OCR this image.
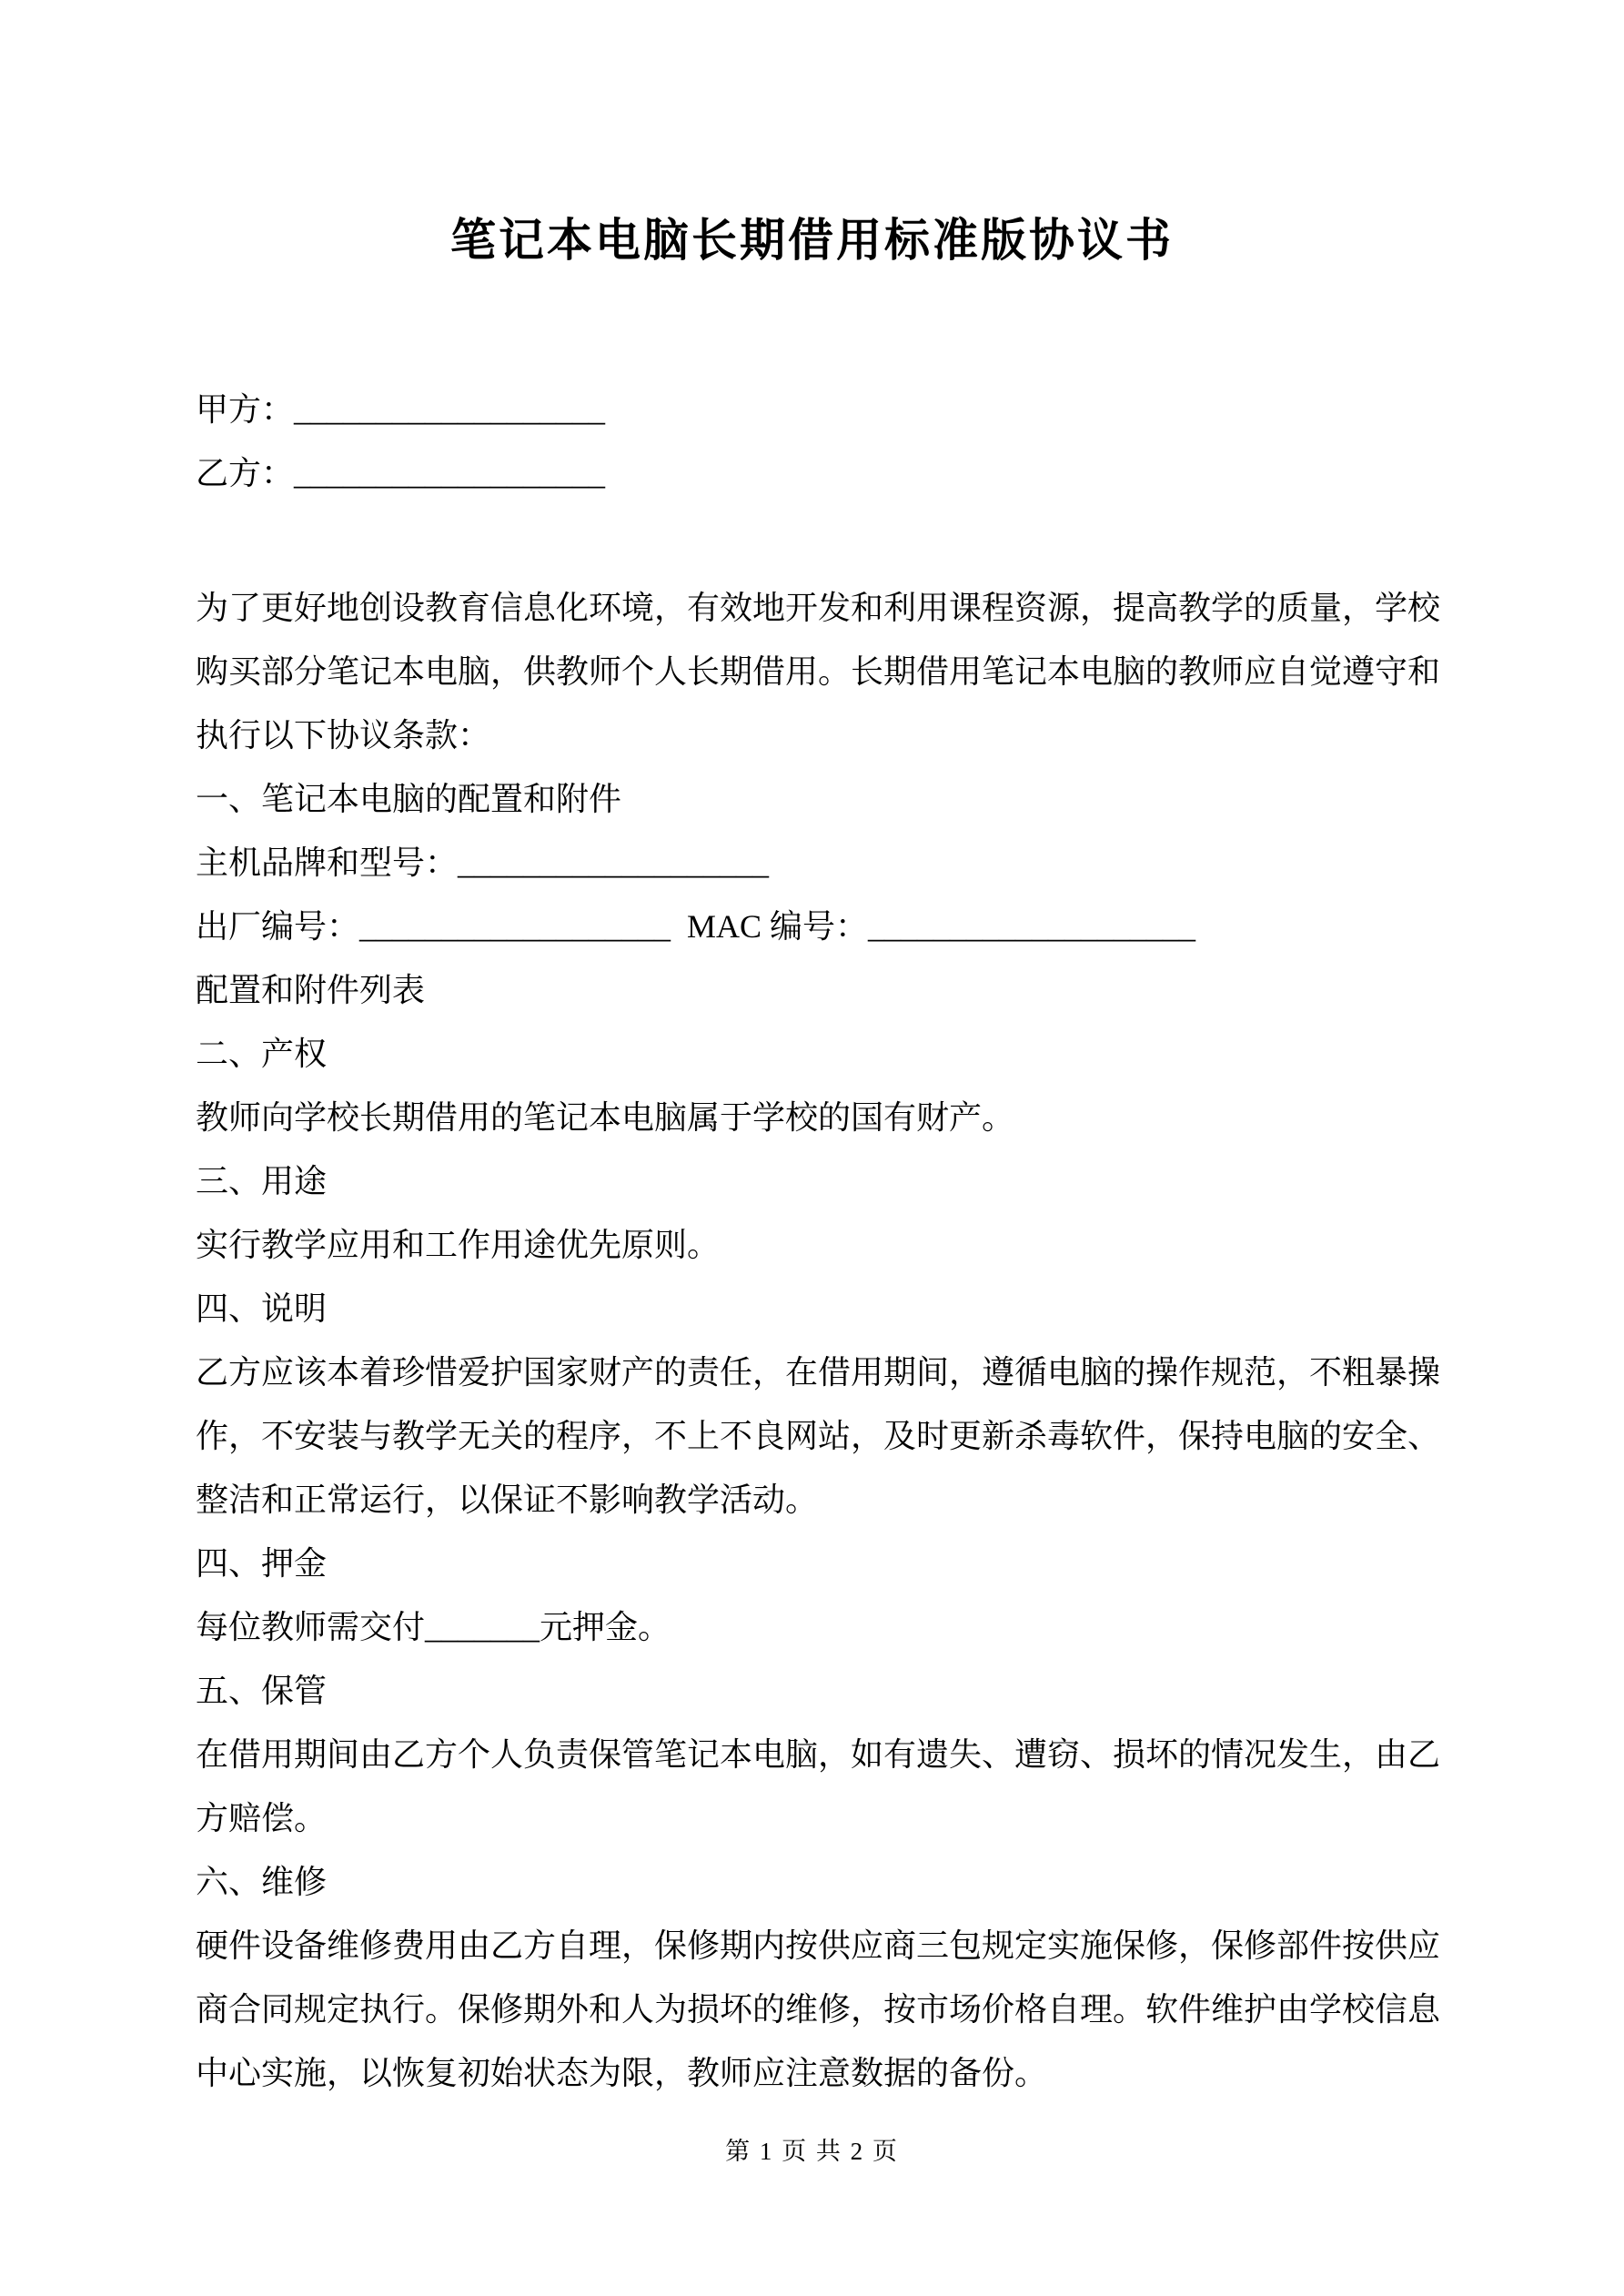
笔记本电脑长期借用标准版协议书
甲方：___________________
乙方：___________________
为了更好地创设教育信息化环境，有效地开发和利用课程资源，提高教学的质量，学校
购买部分笔记本电脑，供教师个人长期借用。长期借用笔记本电脑的教师应自觉遵守和
执行以下协议条款：
一、笔记本电脑的配置和附件
主机品牌和型号：___________________
出厂编号：___________________  MAC 编号：____________________
配置和附件列表
二、产权
教师向学校长期借用的笔记本电脑属于学校的国有财产。
三、用途
实行教学应用和工作用途优先原则。
四、说明
乙方应该本着珍惜爱护国家财产的责任，在借用期间，遵循电脑的操作规范，不粗暴操
作，不安装与教学无关的程序，不上不良网站，及时更新杀毒软件，保持电脑的安全、
整洁和正常运行，以保证不影响教学活动。
四、押金
每位教师需交付_______元押金。
五、保管
在借用期间由乙方个人负责保管笔记本电脑，如有遗失、遭窃、损坏的情况发生，由乙
方赔偿。
六、维修
硬件设备维修费用由乙方自理，保修期内按供应商三包规定实施保修，保修部件按供应
商合同规定执行。保修期外和人为损坏的维修，按市场价格自理。软件维护由学校信息
中心实施，以恢复初始状态为限，教师应注意数据的备份。
第 1 页 共 2 页
